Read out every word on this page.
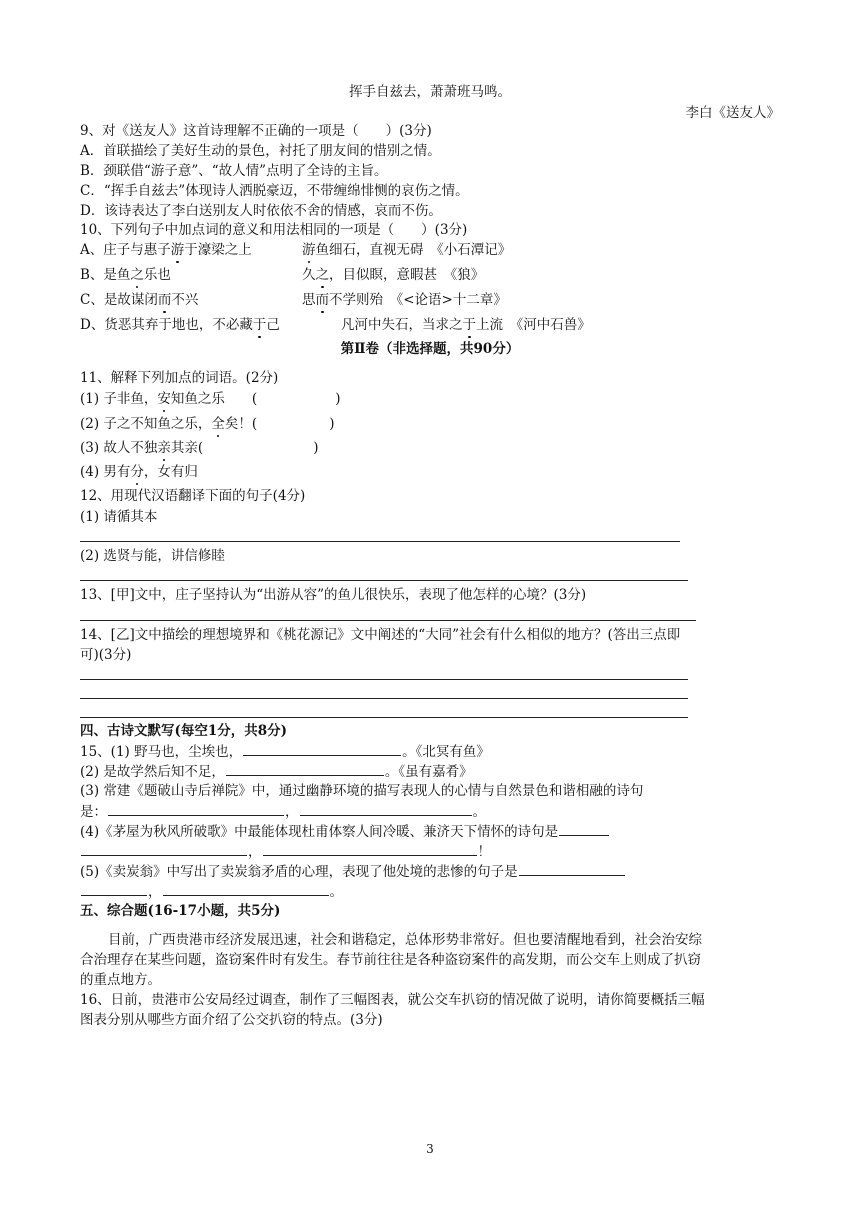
挥手自兹去，萧萧班马鸣。
李白《送友人》
9、对《送友人》这首诗理解不正确的一项是（　　）(3分)
A．首联描绘了美好生动的景色，衬托了朋友间的惜别之情。
B．颈联借“游子意”、“故人情”点明了全诗的主旨。
C．“挥手自兹去”体现诗人洒脱豪迈，不带缠绵悱恻的哀伤之情。
D．该诗表达了李白送别友人时依依不舍的情感，哀而不伤。
10、下列句子中加点词的意义和用法相同的一项是（　　）(3分)
A、庄子与惠子游于濠梁之上	游鱼细石，直视无碍　《小石潭记》
B、是鱼之乐也	久之，目似瞑，意暇甚　《狼》
C、是故谋闭而不兴	思而不学则殆　《<论语>十二章》
D、货恶其弃于地也，不必藏于己	凡河中失石，当求之于上流　《河中石兽》
第Ⅱ卷（非选择题，共90分）
11、解释下列加点的词语。(2分)
(1) 子非鱼，安知鱼之乐　　(	)
(2) 子之不知鱼之乐，全矣！(	)
(3) 故人不独亲其亲(	)
(4) 男有分，女有归
12、用现代汉语翻译下面的句子(4分)
(1) 请循其本
(2) 选贤与能，讲信修睦
13、[甲]文中，庄子坚持认为“出游从容”的鱼儿很快乐，表现了他怎样的心境？(3分)
14、[乙]文中描绘的理想境界和《桃花源记》文中阐述的“大同”社会有什么相似的地方？(答出三点即
可)(3分)
四、古诗文默写(每空1分，共8分)
15、(1) 野马也，尘埃也，	。《北冥有鱼》
(2) 是故学然后知不足，	。《虽有嘉肴》
(3) 常建《题破山寺后禅院》中，通过幽静环境的描写表现人的心情与自然景色和谐相融的诗句
是：	，	。
(4)《茅屋为秋风所破歌》中最能体现杜甫体察人间冷暖、兼济天下情怀的诗句是
，	！
(5)《卖炭翁》中写出了卖炭翁矛盾的心理，表现了他处境的悲惨的句子是
，	。
五、综合题(16-17小题，共5分)
目前，广西贵港市经济发展迅速，社会和谐稳定，总体形势非常好。但也要清醒地看到，社会治安综
合治理存在某些问题，盗窃案件时有发生。春节前往往是各种盗窃案件的高发期，而公交车上则成了扒窃
的重点地方。
16、日前，贵港市公安局经过调查，制作了三幅图表，就公交车扒窃的情况做了说明，请你简要概括三幅
图表分别从哪些方面介绍了公交扒窃的特点。(3分)
3
